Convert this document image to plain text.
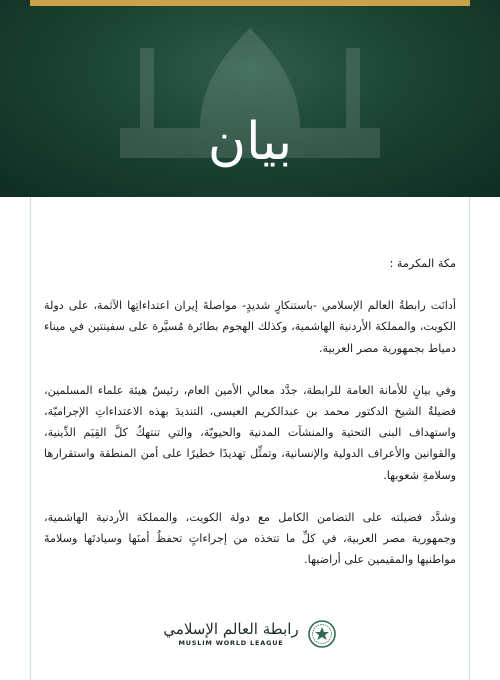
بيان

مكة المكرمة :

أدانَت رابطةُ العالم الإسلامي -باستنكارٍ شديدٍ- مواصلةَ إيران اعتداءاتِها الآثمة، على دولة الكويت، والمملكة الأردنية الهاشمية، وكذلك الهجوم بطائرة مُسيَّرة على سفينتين في ميناء دمياط بجمهورية مصر العربية.

وفي بيانٍ للأمانة العامة للرابطة، جدَّد معالي الأمين العام، رئيسُ هيئة علماء المسلمين، فضيلةُ الشيخ الدكتور محمد بن عبدالكريم العيسى، التنديدَ بهذه الاعتداءاتِ الإجراميّة، واستهداف البنى التحتية والمنشآت المدنية والحيويّة، والتي تنتهكُ كلَّ القِيَم الدِّينية، والقوانين والأعراف الدولية والإنسانية، وتمثِّل تهديدًا خطيرًا على أمن المنطقة واستقرارها وسلامةِ شعوبها.

وشدَّد فضيلته على التضامن الكامل مع دولة الكويت، والمملكة الأردنية الهاشمية، وجمهورية مصر العربية، في كلِّ ما تتخذه من إجراءاتٍ تحفظُ أمنَها وسيادتَها وسلامةَ مواطنيها والمقيمين على أراضيها.

رابطة العالم الإسلامي
MUSLIM WORLD LEAGUE
